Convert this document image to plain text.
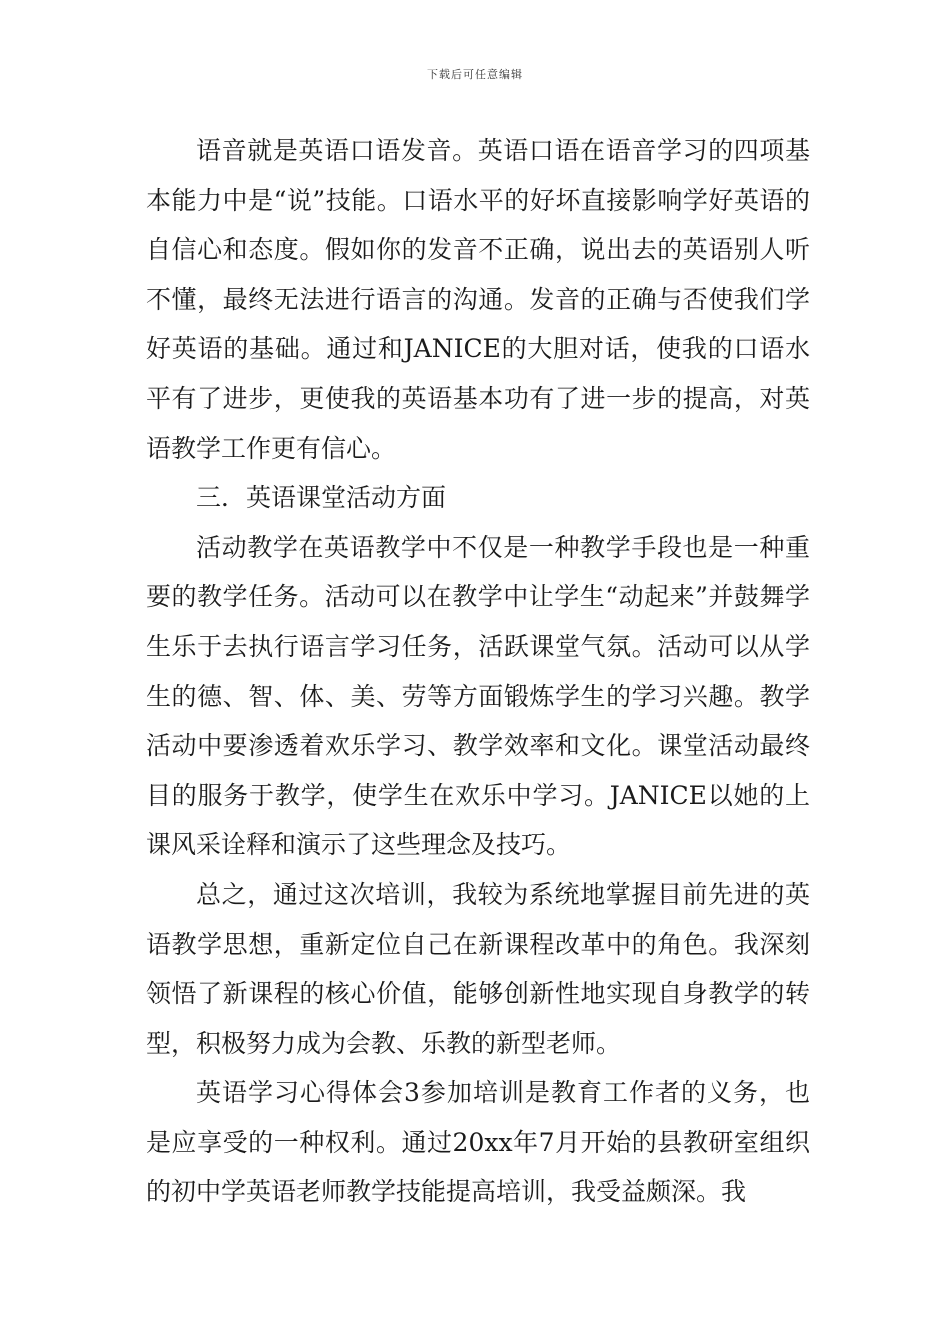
下载后可任意编辑

语音就是英语口语发音。英语口语在语音学习的四项基本能力中是“说”技能。口语水平的好坏直接影响学好英语的自信心和态度。假如你的发音不正确，说出去的英语别人听不懂，最终无法进行语言的沟通。发音的正确与否使我们学好英语的基础。通过和JANICE的大胆对话，使我的口语水平有了进步，更使我的英语基本功有了进一步的提高，对英语教学工作更有信心。

三．英语课堂活动方面

活动教学在英语教学中不仅是一种教学手段也是一种重要的教学任务。活动可以在教学中让学生“动起来”并鼓舞学生乐于去执行语言学习任务，活跃课堂气氛。活动可以从学生的德、智、体、美、劳等方面锻炼学生的学习兴趣。教学活动中要渗透着欢乐学习、教学效率和文化。课堂活动最终目的服务于教学，使学生在欢乐中学习。JANICE以她的上课风采诠释和演示了这些理念及技巧。

总之，通过这次培训，我较为系统地掌握目前先进的英语教学思想，重新定位自己在新课程改革中的角色。我深刻领悟了新课程的核心价值，能够创新性地实现自身教学的转型，积极努力成为会教、乐教的新型老师。

英语学习心得体会3参加培训是教育工作者的义务，也是应享受的一种权利。通过20xx年7月开始的县教研室组织的初中学英语老师教学技能提高培训，我受益颇深。我
